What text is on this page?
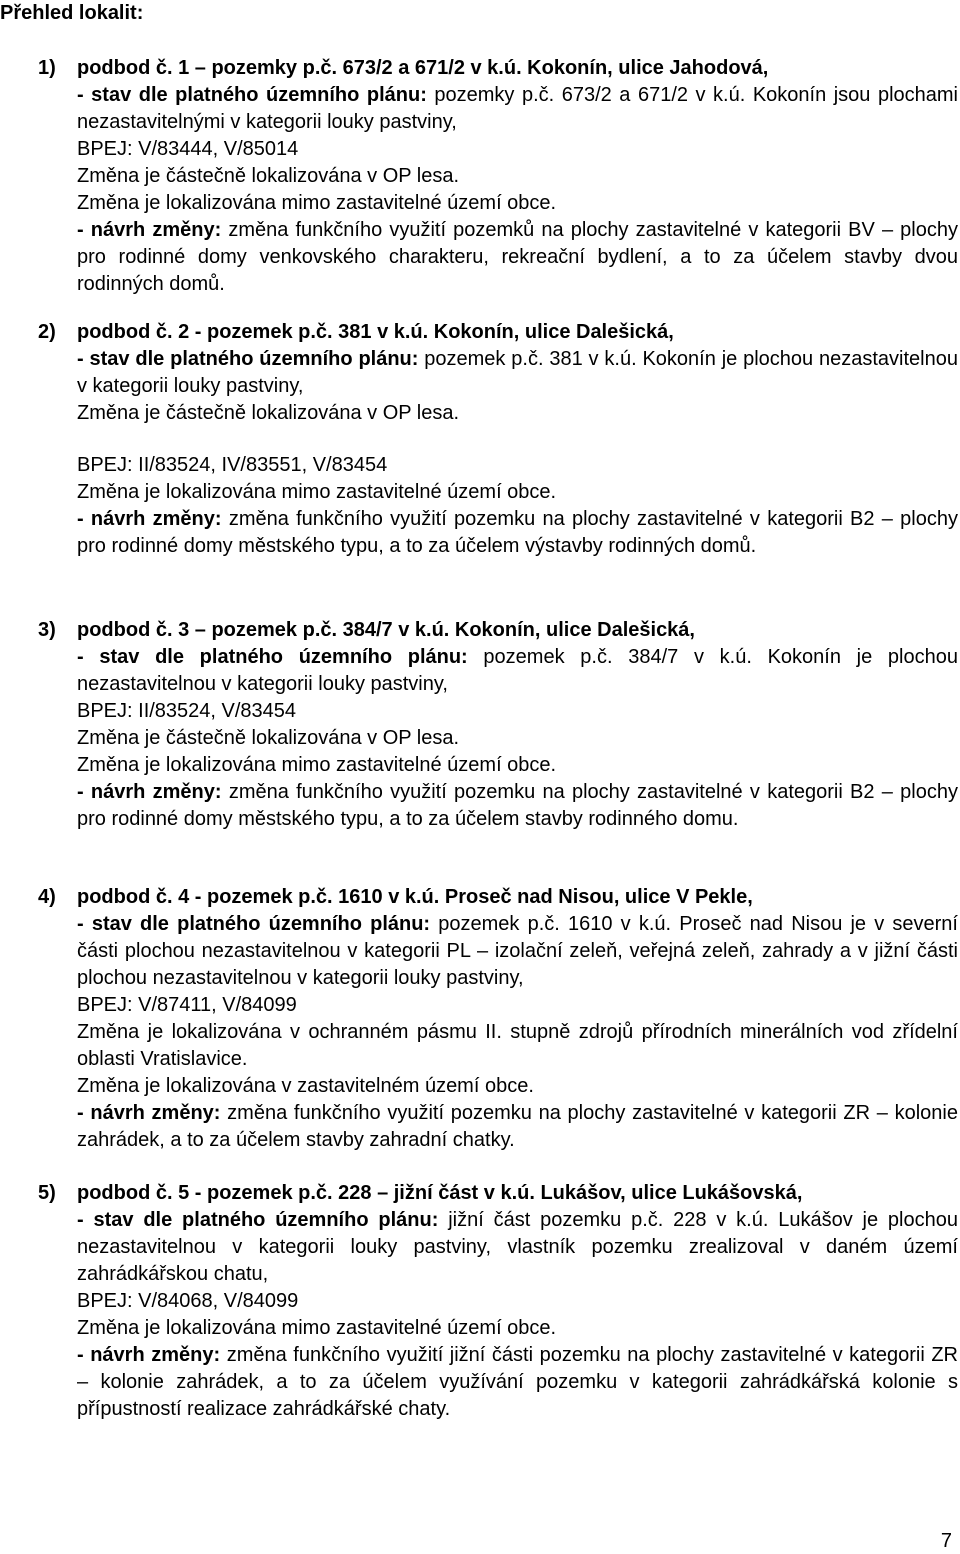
Přehled lokalit:
1) podbod č. 1 – pozemky p.č. 673/2 a 671/2 v k.ú. Kokonín, ulice Jahodová,
- stav dle platného územního plánu: pozemky p.č. 673/2 a 671/2 v k.ú. Kokonín jsou plochami nezastavitelnými v kategorii louky pastviny,
BPEJ: V/83444, V/85014
Změna je částečně lokalizována v OP lesa.
Změna je lokalizována mimo zastavitelné území obce.
- návrh změny: změna funkčního využití pozemků na plochy zastavitelné v kategorii BV – plochy pro rodinné domy venkovského charakteru, rekreační bydlení, a to za účelem stavby dvou rodinných domů.
2) podbod č. 2 - pozemek p.č. 381 v k.ú. Kokonín, ulice Dalešická,
- stav dle platného územního plánu: pozemek p.č. 381 v k.ú. Kokonín je plochou nezastavitelnou v kategorii louky pastviny,
Změna je částečně lokalizována v OP lesa.
BPEJ: II/83524, IV/83551, V/83454
Změna je lokalizována mimo zastavitelné území obce.
- návrh změny: změna funkčního využití pozemku na plochy zastavitelné v kategorii B2 – plochy pro rodinné domy městského typu, a to za účelem výstavby rodinných domů.
3) podbod č. 3 – pozemek p.č. 384/7 v k.ú. Kokonín, ulice Dalešická,
- stav dle platného územního plánu: pozemek p.č. 384/7 v k.ú. Kokonín je plochou nezastavitelnou v kategorii louky pastviny,
BPEJ: II/83524, V/83454
Změna je částečně lokalizována v OP lesa.
Změna je lokalizována mimo zastavitelné území obce.
- návrh změny: změna funkčního využití pozemku na plochy zastavitelné v kategorii B2 – plochy pro rodinné domy městského typu, a to za účelem stavby rodinného domu.
4) podbod č. 4 - pozemek p.č. 1610 v k.ú. Proseč nad Nisou, ulice V Pekle,
- stav dle platného územního plánu: pozemek p.č. 1610 v k.ú. Proseč nad Nisou je v severní části plochou nezastavitelnou v kategorii PL – izolační zeleň, veřejná zeleň, zahrady a v jižní části plochou nezastavitelnou v kategorii louky pastviny,
BPEJ: V/87411, V/84099
Změna je lokalizována v ochranném pásmu II. stupně zdrojů přírodních minerálních vod zřídelní oblasti Vratislavice.
Změna je lokalizována v zastavitelném území obce.
- návrh změny: změna funkčního využití pozemku na plochy zastavitelné v kategorii ZR – kolonie zahrádek, a to za účelem stavby zahradní chatky.
5) podbod č. 5 - pozemek p.č. 228 – jižní část v k.ú. Lukášov, ulice Lukášovská,
- stav dle platného územního plánu: jižní část pozemku p.č. 228 v k.ú. Lukášov je plochou nezastavitelnou v kategorii louky pastviny, vlastník pozemku zrealizoval v daném území zahrádkářskou chatu,
BPEJ: V/84068, V/84099
Změna je lokalizována mimo zastavitelné území obce.
- návrh změny: změna funkčního využití jižní části pozemku na plochy zastavitelné v kategorii ZR – kolonie zahrádek, a to za účelem využívání pozemku v kategorii zahrádkářská kolonie s přípustností realizace zahrádkářské chaty.
7
